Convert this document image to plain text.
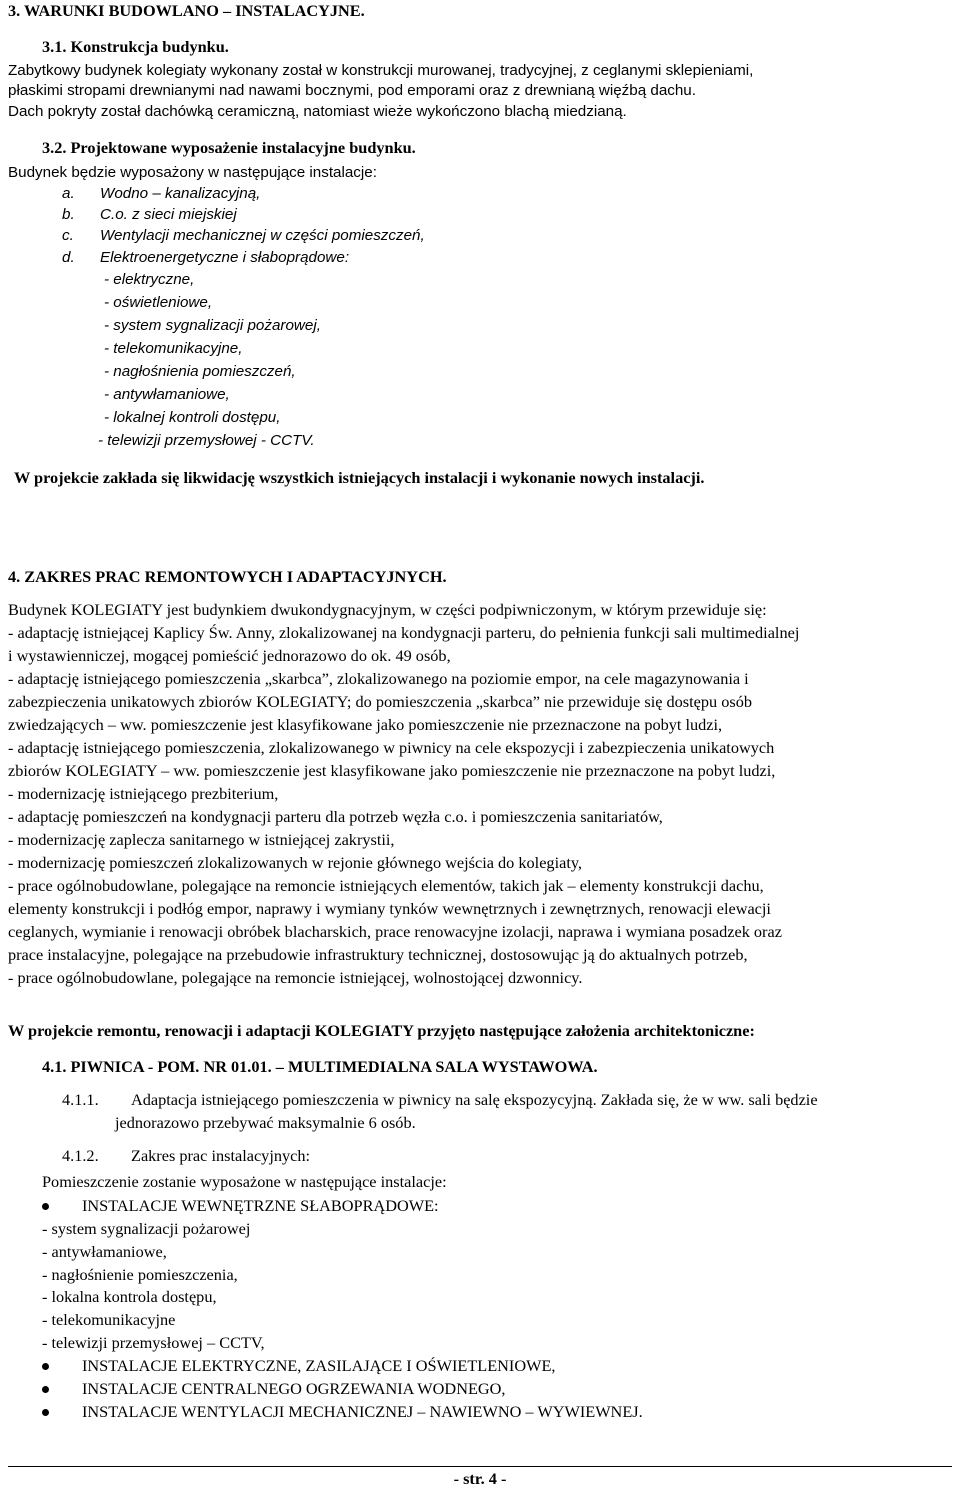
3. WARUNKI BUDOWLANO – INSTALACYJNE.
3.1. Konstrukcja budynku.
Zabytkowy budynek kolegiaty wykonany został w konstrukcji murowanej, tradycyjnej, z ceglanymi sklepieniami,
płaskimi stropami drewnianymi nad nawami bocznymi, pod emporami oraz z drewnianą więźbą dachu.
Dach pokryty został dachówką ceramiczną, natomiast wieże wykończono blachą miedzianą.
3.2. Projektowane wyposażenie instalacyjne budynku.
Budynek będzie wyposażony w następujące instalacje:
a. Wodno – kanalizacyjną,
b. C.o. z sieci miejskiej
c. Wentylacji mechanicznej w części pomieszczeń,
d. Elektroenergetyczne i słaboprądowe:
- elektryczne,
- oświetleniowe,
- system sygnalizacji pożarowej,
- telekomunikacyjne,
- nagłośnienia pomieszczeń,
- antywłamaniowe,
- lokalnej kontroli dostępu,
- telewizji przemysłowej - CCTV.
W projekcie zakłada się likwidację wszystkich istniejących instalacji i wykonanie nowych instalacji.
4. ZAKRES PRAC REMONTOWYCH I ADAPTACYJNYCH.
Budynek KOLEGIATY jest budynkiem dwukondygnacyjnym, w części podpiwniczonym, w którym przewiduje się:
- adaptację istniejącej Kaplicy Św. Anny, zlokalizowanej na kondygnacji parteru, do pełnienia funkcji sali multimedialnej
i wystawienniczej, mogącej pomieścić jednorazowo do ok. 49 osób,
- adaptację istniejącego pomieszczenia „skarbca”, zlokalizowanego na poziomie empor, na cele magazynowania i
zabezpieczenia unikatowych zbiorów KOLEGIATY; do pomieszczenia „skarbca” nie przewiduje się dostępu osób
zwiedzających – ww. pomieszczenie jest klasyfikowane jako pomieszczenie nie przeznaczone na pobyt ludzi,
- adaptację istniejącego pomieszczenia, zlokalizowanego w piwnicy na cele ekspozycji i zabezpieczenia unikatowych
zbiorów KOLEGIATY – ww. pomieszczenie jest klasyfikowane jako pomieszczenie nie przeznaczone na pobyt ludzi,
- modernizację istniejącego prezbiterium,
- adaptację pomieszczeń na kondygnacji parteru dla potrzeb węzła c.o. i pomieszczenia sanitariatów,
- modernizację zaplecza sanitarnego w istniejącej zakrystii,
- modernizację pomieszczeń zlokalizowanych w rejonie głównego wejścia do kolegiaty,
- prace ogólnobudowlane, polegające na remoncie istniejących elementów, takich jak – elementy konstrukcji dachu,
elementy konstrukcji i podłóg empor, naprawy i wymiany tynków wewnętrznych i zewnętrznych, renowacji elewacji
ceglanych, wymianie i renowacji obróbek blacharskich, prace renowacyjne izolacji, naprawa i wymiana posadzek oraz
prace instalacyjne, polegające na przebudowie infrastruktury technicznej, dostosowując ją do aktualnych potrzeb,
- prace ogólnobudowlane, polegające na remoncie istniejącej, wolnostojącej dzwonnicy.
W projekcie remontu, renowacji i adaptacji KOLEGIATY przyjęto następujące założenia architektoniczne:
4.1. PIWNICA - POM. NR 01.01. – MULTIMEDIALNA SALA WYSTAWOWA.
4.1.1. Adaptacja istniejącego pomieszczenia w piwnicy na salę ekspozycyjną. Zakłada się, że w ww. sali będzie
jednorazowo przebywać maksymalnie 6 osób.
4.1.2. Zakres prac instalacyjnych:
Pomieszczenie zostanie wyposażone w następujące instalacje:
INSTALACJE WEWNĘTRZNE SŁABOPRĄDOWE:
- system sygnalizacji pożarowej
- antywłamaniowe,
- nagłośnienie pomieszczenia,
- lokalna kontrola dostępu,
- telekomunikacyjne
- telewizji przemysłowej – CCTV,
INSTALACJE ELEKTRYCZNE, ZASILAJĄCE I OŚWIETLENIOWE,
INSTALACJE CENTRALNEGO OGRZEWANIA WODNEGO,
INSTALACJE WENTYLACJI MECHANICZNEJ – NAWIEWNO – WYWIEWNEJ.
- str. 4 -
